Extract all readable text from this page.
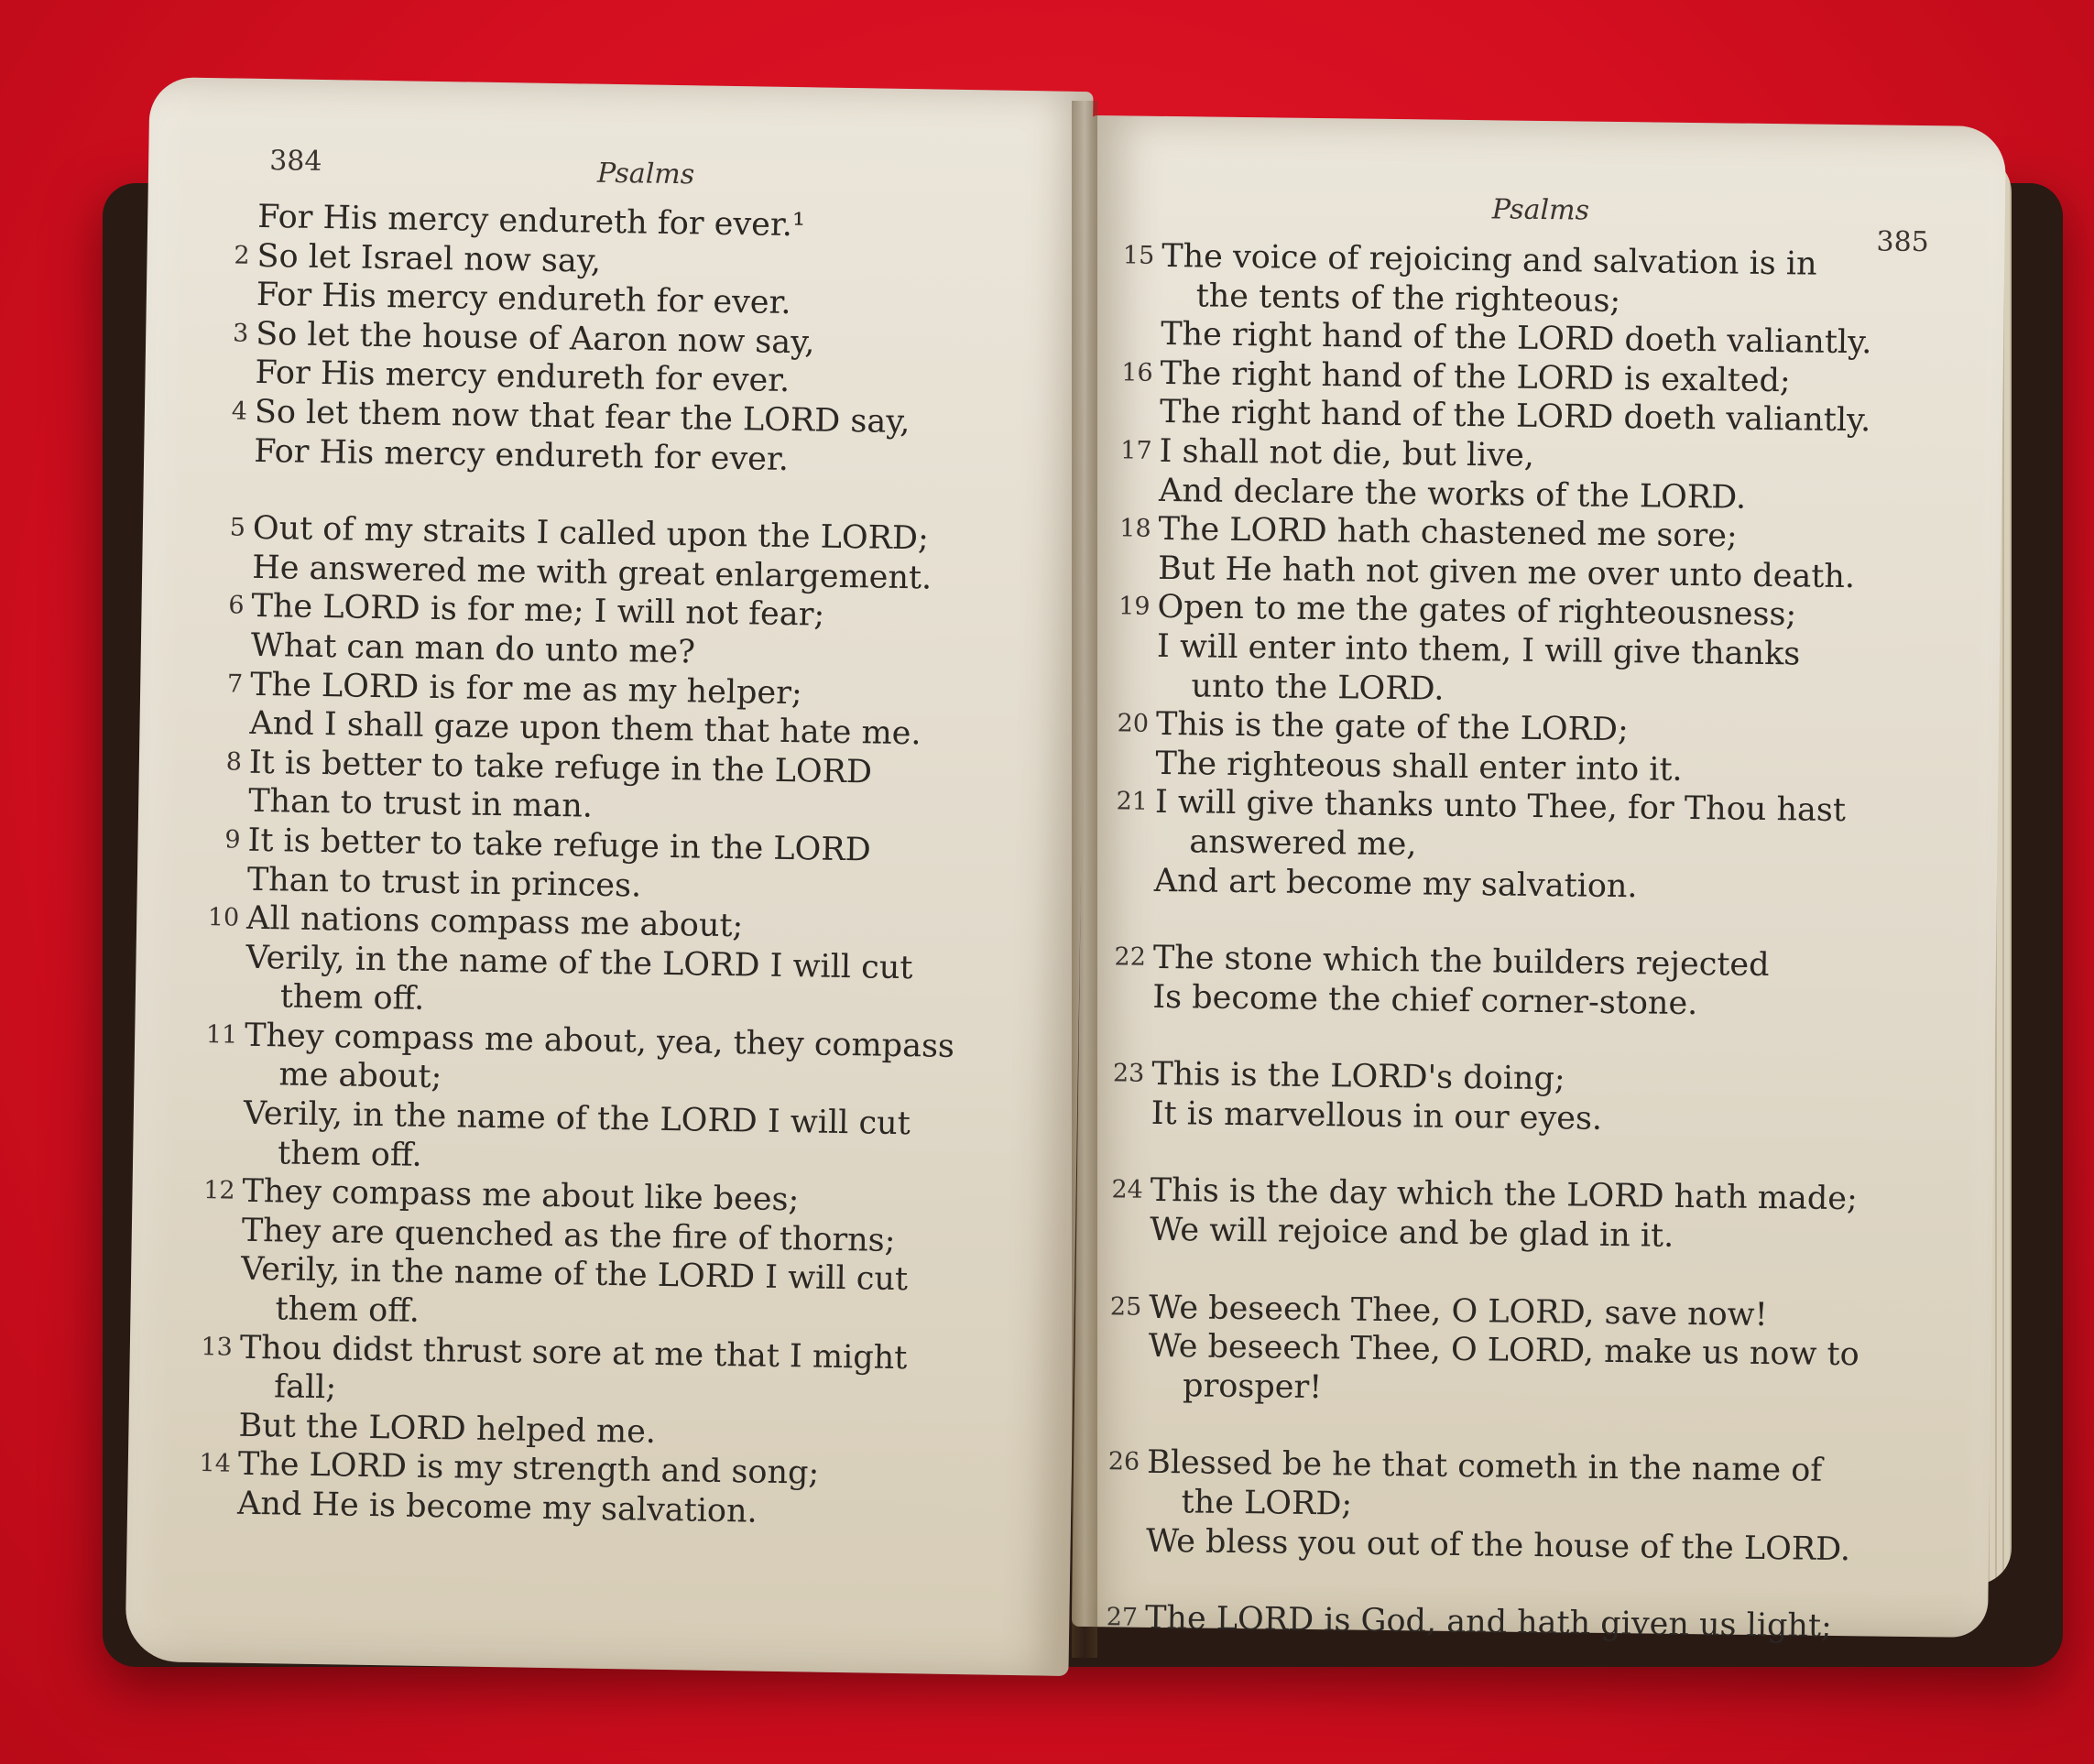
384	Psalms
For His mercy endureth for ever.¹
2 So let Israel now say,
For His mercy endureth for ever.
3 So let the house of Aaron now say,
For His mercy endureth for ever.
4 So let them now that fear the LORD say,
For His mercy endureth for ever.
5 Out of my straits I called upon the LORD;
He answered me with great enlargement.
6 The LORD is for me; I will not fear;
What can man do unto me?
7 The LORD is for me as my helper;
And I shall gaze upon them that hate me.
8 It is better to take refuge in the LORD
Than to trust in man.
9 It is better to take refuge in the LORD
Than to trust in princes.
10 All nations compass me about;
Verily, in the name of the LORD I will cut
them off.
11 They compass me about, yea, they compass
me about;
Verily, in the name of the LORD I will cut
them off.
12 They compass me about like bees;
They are quenched as the fire of thorns;
Verily, in the name of the LORD I will cut
them off.
13 Thou didst thrust sore at me that I might
fall;
But the LORD helped me.
14 The LORD is my strength and song;
And He is become my salvation.
Psalms
385
15 The voice of rejoicing and salvation is in
the tents of the righteous;
The right hand of the LORD doeth valiantly.
16 The right hand of the LORD is exalted;
The right hand of the LORD doeth valiantly.
17 I shall not die, but live,
And declare the works of the LORD.
18 The LORD hath chastened me sore;
But He hath not given me over unto death.
19 Open to me the gates of righteousness;
I will enter into them, I will give thanks
unto the LORD.
20 This is the gate of the LORD;
The righteous shall enter into it.
21 I will give thanks unto Thee, for Thou hast
answered me,
And art become my salvation.
22 The stone which the builders rejected
Is become the chief corner-stone.
23 This is the LORD's doing;
It is marvellous in our eyes.
24 This is the day which the LORD hath made;
We will rejoice and be glad in it.
25 We beseech Thee, O LORD, save now!
We beseech Thee, O LORD, make us now to
prosper!
26 Blessed be he that cometh in the name of
the LORD;
We bless you out of the house of the LORD.
27 The LORD is God, and hath given us light;
